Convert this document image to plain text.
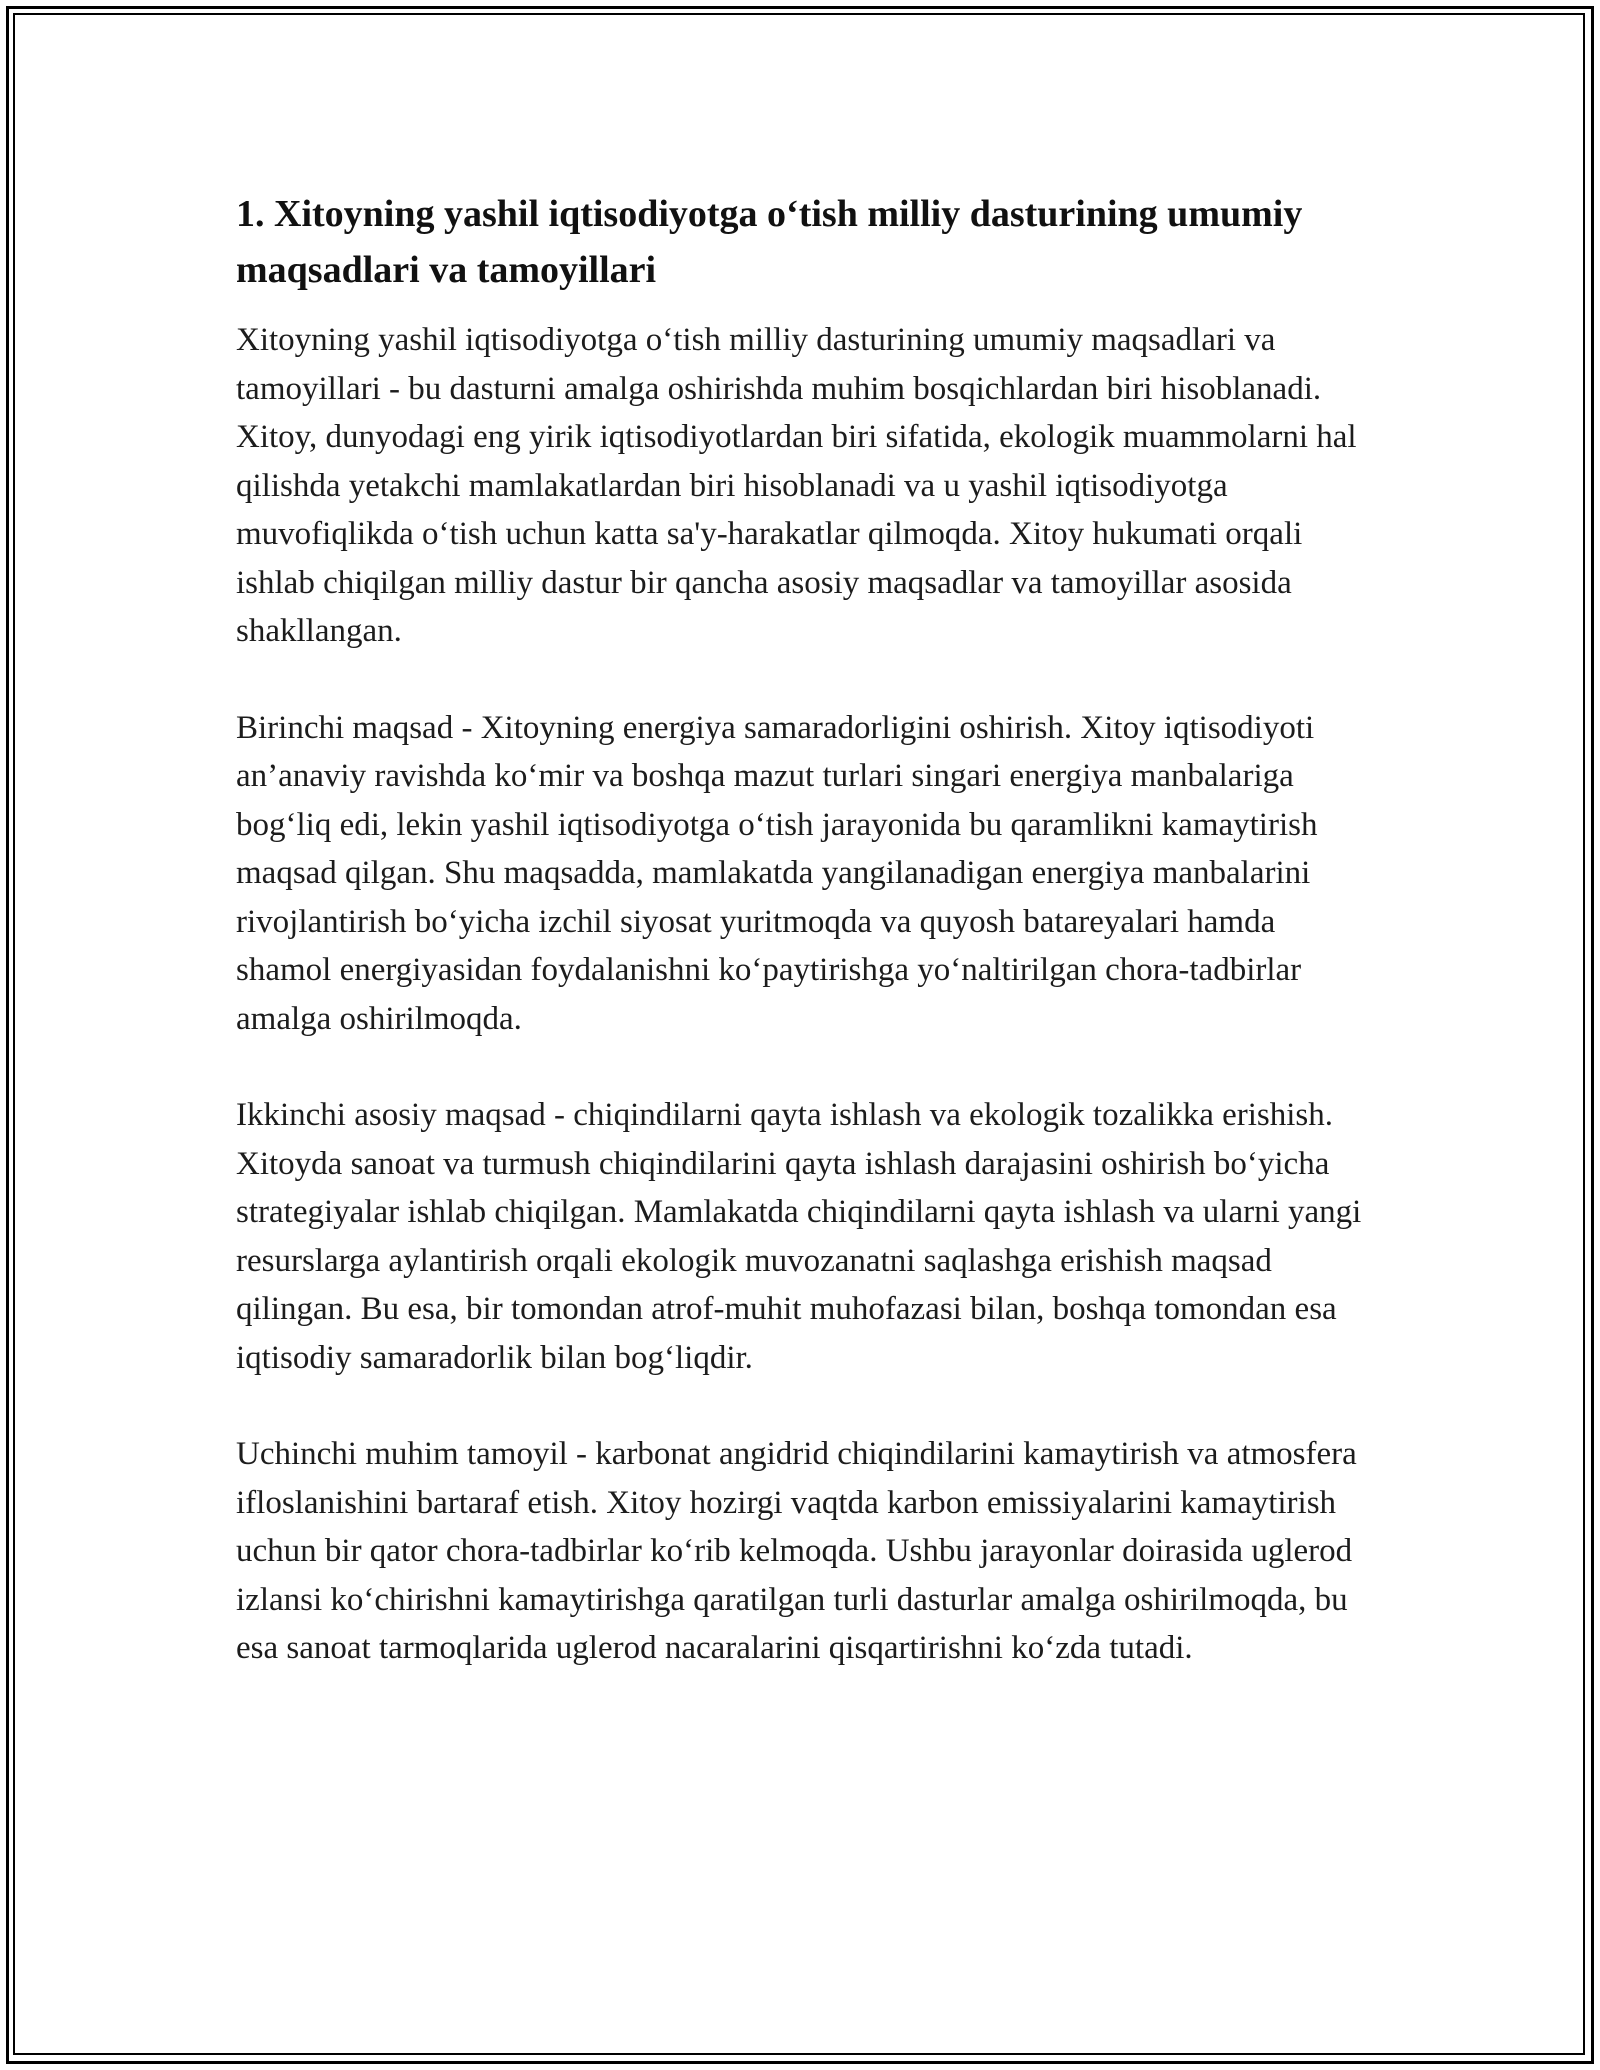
1. Xitoyning yashil iqtisodiyotga o‘tish milliy dasturining umumiy maqsadlari va tamoyillari

Xitoyning yashil iqtisodiyotga o‘tish milliy dasturining umumiy maqsadlari va tamoyillari - bu dasturni amalga oshirishda muhim bosqichlardan biri hisoblanadi. Xitoy, dunyodagi eng yirik iqtisodiyotlardan biri sifatida, ekologik muammolarni hal qilishda yetakchi mamlakatlardan biri hisoblanadi va u yashil iqtisodiyotga muvofiqlikda o‘tish uchun katta sa'y-harakatlar qilmoqda. Xitoy hukumati orqali ishlab chiqilgan milliy dastur bir qancha asosiy maqsadlar va tamoyillar asosida shakllangan.

Birinchi maqsad - Xitoyning energiya samaradorligini oshirish. Xitoy iqtisodiyoti an’anaviy ravishda ko‘mir va boshqa mazut turlari singari energiya manbalariga bog‘liq edi, lekin yashil iqtisodiyotga o‘tish jarayonida bu qaramlikni kamaytirish maqsad qilgan. Shu maqsadda, mamlakatda yangilanadigan energiya manbalarini rivojlantirish bo‘yicha izchil siyosat yuritmoqda va quyosh batareyalari hamda shamol energiyasidan foydalanishni ko‘paytirishga yo‘naltirilgan chora-tadbirlar amalga oshirilmoqda.

Ikkinchi asosiy maqsad - chiqindilarni qayta ishlash va ekologik tozalikka erishish. Xitoyda sanoat va turmush chiqindilarini qayta ishlash darajasini oshirish bo‘yicha strategiyalar ishlab chiqilgan. Mamlakatda chiqindilarni qayta ishlash va ularni yangi resurslarga aylantirish orqali ekologik muvozanatni saqlashga erishish maqsad qilingan. Bu esa, bir tomondan atrof-muhit muhofazasi bilan, boshqa tomondan esa iqtisodiy samaradorlik bilan bog‘liqdir.

Uchinchi muhim tamoyil - karbonat angidrid chiqindilarini kamaytirish va atmosfera ifloslanishini bartaraf etish. Xitoy hozirgi vaqtda karbon emissiyalarini kamaytirish uchun bir qator chora-tadbirlar ko‘rib kelmoqda. Ushbu jarayonlar doirasida uglerod izlansi ko‘chirishni kamaytirishga qaratilgan turli dasturlar amalga oshirilmoqda, bu esa sanoat tarmoqlarida uglerod nacaralarini qisqartirishni ko‘zda tutadi.
